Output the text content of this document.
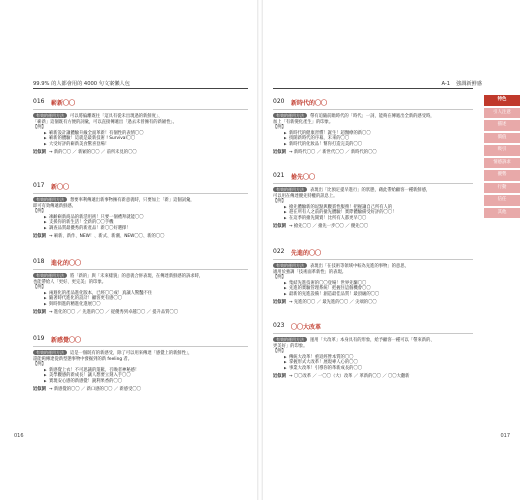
99.9% 的人都會用的 4000 句文案懶人包
016 嶄新〇〇
有效的運用方法 可以將偏離既往「這具有從未出現過的新鮮度」、
「嶄新」這個既有方便的詞彙，可以直接傳遞出「過去未曾擁有的新穎性」。
【例】
▶ 嶄新設計讓體驗升級全面革新！有個性的表情〇〇
▶ 嶄新的體驗！這就是最新技術 ! Survival〇〇
▶ 大受好評的嶄新美食驚喜登場！
近似詞 → 新的〇〇 ／ 新穎的〇〇 ／ 前所未見的〇〇
017 新〇〇
有效的運用方法 想要率利傳遞出新事物擁有新意義時，只要加上「新」這個詞彙，
即可有效傳遞新鮮感。
【例】
▶ 凍齡嶄新商品的新活用術！只要一個禮拜就能〇〇
▶ 支援你的新生活！全新的〇〇手機
▶ 調查品質最優秀的新產品！新〇〇好選擇！
近似詞 → 嶄新、新作、NEW！、新式、新潮、NEW〇〇、新的〇〇
018 進化的〇〇
有效的運用方法 將「新的」與「未來樣貌」的意義合併表現，在傳達新鮮感的訴求時，
也能帶給人「更好、更完美」的印象。
【例】
▶ 兩週化的產品進化版本，已經〇〇成！真讓人驚豔不住
▶ 隨著時代進化的設計！顧客更有感〇〇
▶ 與時俱進的精進化進展〇〇
近似詞 → 進化的〇〇 ／ 先進的〇〇 ／ 從優秀到卓越〇〇 ／ 提升品質〇〇
019 新感覺〇〇
有效的運用方法 這是一個既有的新感受，除了可以用來傳達「感覺上的新鮮性」，
還能夠傳達從新型態事物中發掘到的新 feeling 者。
【例】
▶ 新感覺上衣！不可思議的蓬鬆，召喚者神秘感！
▶ 美學觀感的新成長！讓人想要立刻入手〇〇
▶ 實現安心感的新感覺！銳利果香的〇〇
近似詞 → 新感覺的〇〇 ／ 新口感的〇〇 ／ 新感受〇〇
016
A-1 強調新鮮感
020 新時代的〇〇
有效的運用方法 帶有追隨前瞻時代的「時代」一詞，能夠在傳遞出全新的感受時，
加上「有新變化產生」的印象。
【例】
▶ 新時代的健康習慣！誕生！超醫療的新〇〇
▶ 找開新時代的序幕，未來的〇〇
▶ 新時代的化妝品！幫你打造完美的〇〇
近似詞 → 新時代〇〇 ／ 新世代〇〇 ／ 新時代的〇〇
021 搶先〇〇
有效的運用方法 表現出「比預定提早進行」的狀態，藉此帶給顧客一種新鮮感，
可以用在傳達優先特權的訊息上。
【例】
▶ 搶先體驗新的逗點與觀賞性服務！把握讓自己所有人的
▶ 趕在所有人之前的搶先體驗！實際體驗備受好評的〇〇！
▶ 在這季的搶先開賣！比所有人都更早〇〇
近似詞 → 搶先〇〇 ／ 搶先一步〇〇 ／ 優先〇〇
022 先進的〇〇
有效的運用方法 表現出「在技術等領域中較為先進的事物」的意思，
適用於強調「技術面革新性」的表現。
【例】
▶ 集結先進技術的〇〇登場！世界先驅〇〇
▶ 先進的實驗管理系統！把握住這個機會〇〇
▶ 最新的先進設備！創造最佳品質！最頂級的〇〇
近似詞 → 先進的〇〇 ／ 最先進的〇〇 ／ 尖端的〇〇
023 〇〇大改革
有效的運用方法 運用「大改革」本身具有的形象，給予顧客一種可以「帶來新的、
更美好」的印象。
【例】
▶ 傳統大改革！重返經營本質的〇〇
▶ 掌握形式大改革！展現專人心的〇〇
▶ 事業大改革！引導你的革新成長的〇〇
近似詞 → 〇〇改革 ／ 一〇〇（大）改革 ／ 革新的〇〇 ／ 〇〇大翻新
特色
引人注意
描述
價值
吸引
情感訴求
優勢
行動
信任
其他
017
